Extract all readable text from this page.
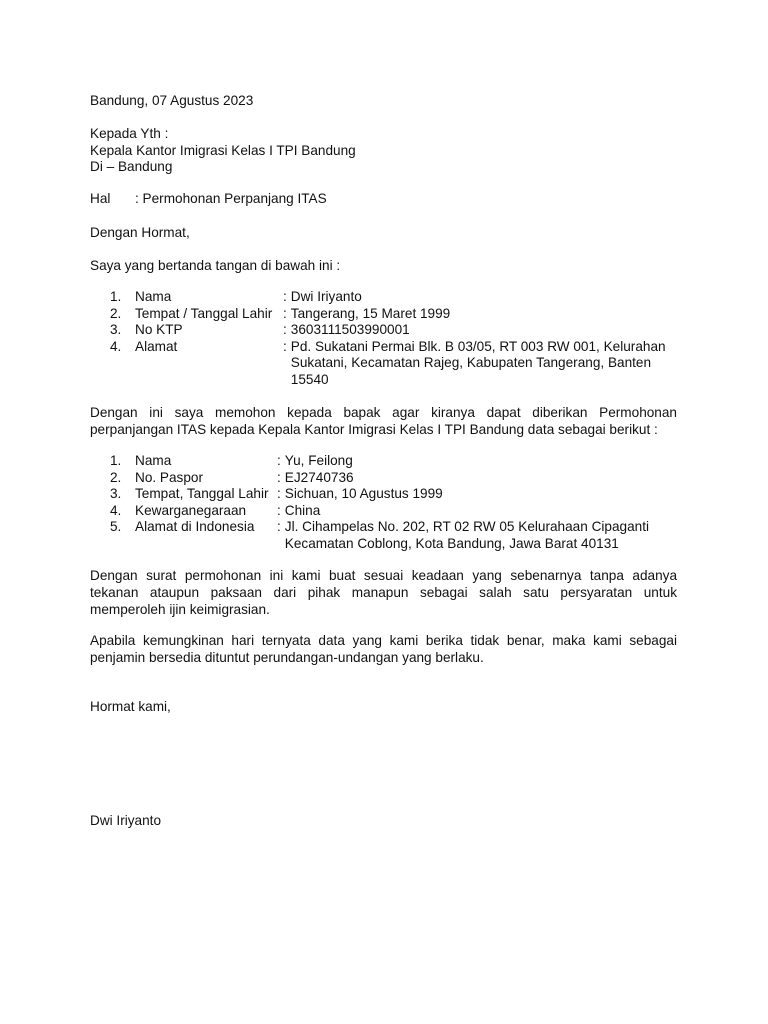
Bandung, 07 Agustus 2023
Kepada Yth :
Kepala Kantor Imigrasi Kelas I TPI Bandung
Di – Bandung
Hal : Permohonan Perpanjang ITAS
Dengan Hormat,
Saya yang bertanda tangan di bawah ini :
1.	Nama	: Dwi Iriyanto
2.	Tempat / Tanggal Lahir : Tangerang, 15 Maret 1999
3.	No KTP	: 3603111503990001
4.	Alamat	: Pd. Sukatani Permai Blk. B 03/05, RT 003 RW 001, Kelurahan Sukatani, Kecamatan Rajeg, Kabupaten Tangerang, Banten 15540
Dengan ini saya memohon kepada bapak agar kiranya dapat diberikan Permohonan perpanjangan ITAS kepada Kepala Kantor Imigrasi Kelas I TPI Bandung data sebagai berikut :
1.	Nama	: Yu, Feilong
2.	No. Paspor	: EJ2740736
3.	Tempat, Tanggal Lahir : Sichuan, 10 Agustus 1999
4.	Kewarganegaraan	: China
5.	Alamat di Indonesia	: Jl. Cihampelas No. 202, RT 02 RW 05 Kelurahaan Cipaganti Kecamatan Coblong, Kota Bandung, Jawa Barat 40131
Dengan surat permohonan ini kami buat sesuai keadaan yang sebenarnya tanpa adanya tekanan ataupun paksaan dari pihak manapun sebagai salah satu persyaratan untuk memperoleh ijin keimigrasian.
Apabila kemungkinan hari ternyata data yang kami berika tidak benar, maka kami sebagai penjamin bersedia dituntut perundangan-undangan yang berlaku.
Hormat kami,
Dwi Iriyanto
